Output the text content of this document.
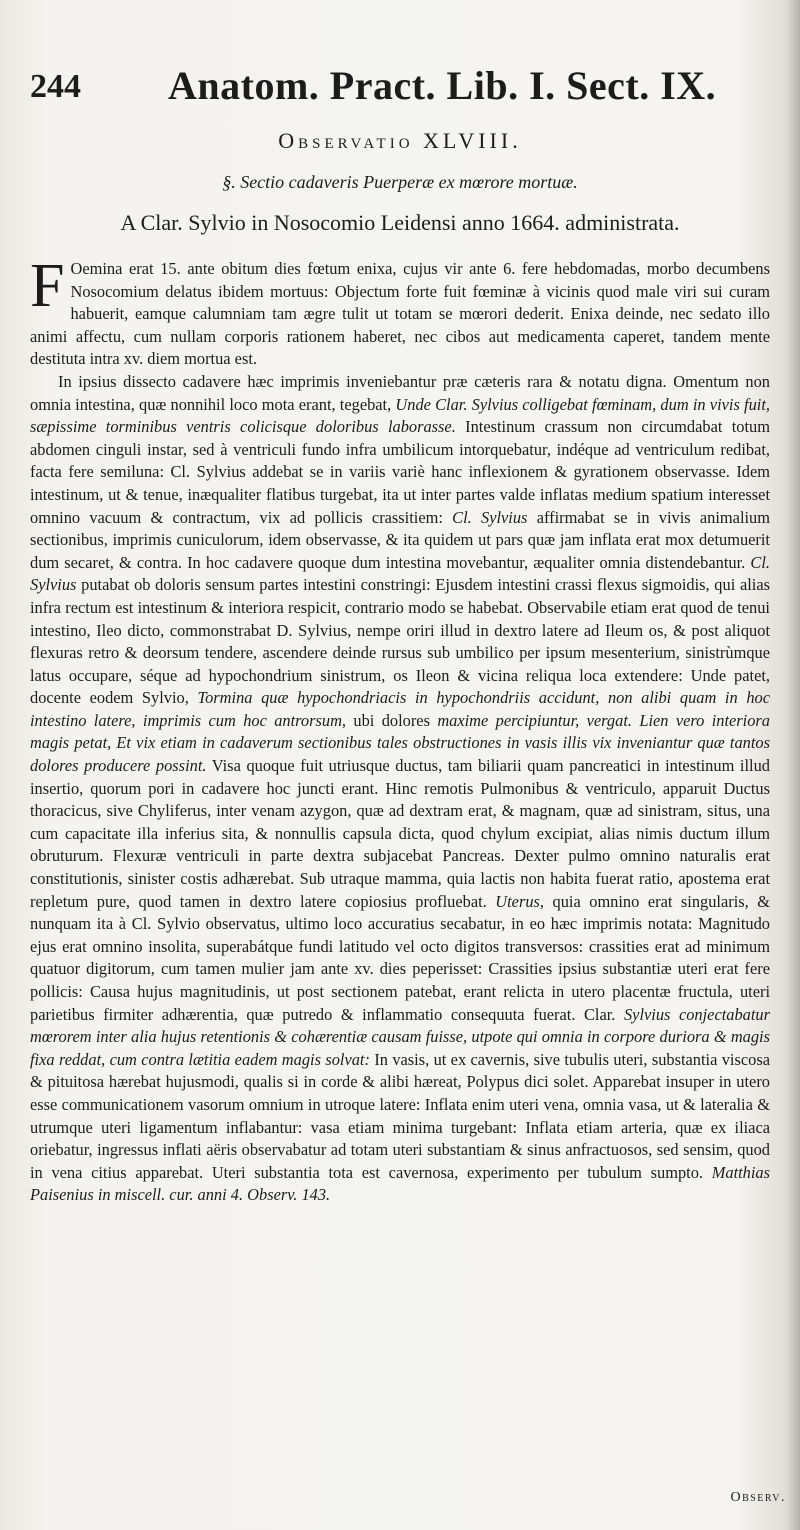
244 Anatom. Pract. Lib. I. Sect. IX.
Observatio XLVIII.
§. Sectio cadaveris Puerperæ ex mœrore mortuæ.
A Clar. Sylvio in Nosocomio Leidensi anno 1664. administrata.

F Oemina erat 15. ante obitum dies fœtum enixa, cujus vir ante 6. fere hebdomadas, morbo decumbens Nosocomium delatus ibidem mortuus: Objectum forte fuit fœminæ à vicinis quod male viri sui curam habuerit, eamque calumniam tam ægre tulit ut totam se mœrori dederit. Enixa deinde, nec sedato illo animi affectu, cum nullam corporis rationem haberet, nec cibos aut medicamenta caperet, tandem mente destituta intra xv. diem mortua est.

In ipsius dissecto cadavere hæc imprimis inveniebantur præ cæteris rara & notatu digna. Omentum non omnia intestina, quæ nonnihil loco mota erant, tegebat, Unde Clar. Sylvius colligebat fœminam, dum in vivis fuit, sæpissime torminibus ventris colicisque doloribus laborasse. Intestinum crassum non circumdabat totum abdomen cinguli instar, sed à ventriculi fundo infra umbilicum intorquebatur, indéque ad ventriculum redibat, facta fere semiluna: Cl. Sylvius addebat se in variis variè hanc inflexionem & gyrationem observasse. Idem intestinum, ut & tenue, inæqualiter flatibus turgebat, ita ut inter partes valde inflatas medium spatium interesset omnino vacuum & contractum, vix ad pollicis crassitiem: Cl. Sylvius affirmabat se in vivis animalium sectionibus, imprimis cuniculorum, idem observasse, & ita quidem ut pars quæ jam inflata erat mox detumuerit dum secaret, & contra. In hoc cadavere quoque dum intestina movebantur, æqualiter omnia distendebantur. Cl. Sylvius putabat ob doloris sensum partes intestini constringi: Ejusdem intestini crassi flexus sigmoidis, qui alias infra rectum est intestinum & interiora respicit, contrario modo se habebat. Observabile etiam erat quod de tenui intestino, Ileo dicto, commonstrabat D. Sylvius, nempe oriri illud in dextro latere ad Ileum os, & post aliquot flexuras retro & deorsum tendere, ascendere deinde rursus sub umbilico per ipsum mesenterium, sinistrùmque latus occupare, séque ad hypochondrium sinistrum, os Ileon & vicina reliqua loca extendere: Unde patet, docente eodem Sylvio, Tormina quæ hypochondriacis in hypochondriis accidunt, non alibi quam in hoc intestino latere, imprimis cum hoc antrorsum, ubi dolores maxime percipiuntur, vergat. Lien vero interiora magis petat, Et vix etiam in cadaverum sectionibus tales obstructiones in vasis illis vix inveniantur quæ tantos dolores producere possint. Visa quoque fuit utriusque ductus, tam biliarii quam pancreatici in intestinum illud insertio, quorum pori in cadavere hoc juncti erant. Hinc remotis Pulmonibus & ventriculo, apparuit Ductus thoracicus, sive Chyliferus, inter venam azygon, quæ ad dextram erat, & magnam, quæ ad sinistram, situs, una cum capacitate illa inferius sita, & nonnullis capsula dicta, quod chylum excipiat, alias nimis ductum illum obruturum. Flexuræ ventriculi in parte dextra subjacebat Pancreas. Dexter pulmo omnino naturalis erat constitutionis, sinister costis adhærebat. Sub utraque mamma, quia lactis non habita fuerat ratio, apostema erat repletum pure, quod tamen in dextro latere copiosius profluebat. Uterus, quia omnino erat singularis, & nunquam ita à Cl. Sylvio observatus, ultimo loco accuratius secabatur, in eo hæc imprimis notata: Magnitudo ejus erat omnino insolita, superabátque fundi latitudo vel octo digitos transversos: crassities erat ad minimum quatuor digitorum, cum tamen mulier jam ante xv. dies peperisset: Crassities ipsius substantiæ uteri erat fere pollicis: Causa hujus magnitudinis, ut post sectionem patebat, erant relicta in utero placentæ fructula, uteri parietibus firmiter adhærentia, quæ putredo & inflammatio consequuta fuerat. Clar. Sylvius conjectabatur mœrorem inter alia hujus retentionis & cohærentiæ causam fuisse, utpote qui omnia in corpore duriora & magis fixa reddat, cum contra lætitia eadem magis solvat: In vasis, ut ex cavernis, sive tubulis uteri, substantia viscosa & pituitosa hærebat hujusmodi, qualis si in corde & alibi hæreat, Polypus dici solet. Apparebat insuper in utero esse communicationem vasorum omnium in utroque latere: Inflata enim uteri vena, omnia vasa, ut & lateralia & utrumque uteri ligamentum inflabantur: vasa etiam minima turgebant: Inflata etiam arteria, quæ ex iliaca oriebatur, ingressus inflati aëris observabatur ad totam uteri substantiam & sinus anfractuosos, sed sensim, quod in vena citius apparebat. Uteri substantia tota est cavernosa, experimento per tubulum sumpto. Matthias Paisenius in miscell. cur. anni 4. Observ. 143.

Observ.
